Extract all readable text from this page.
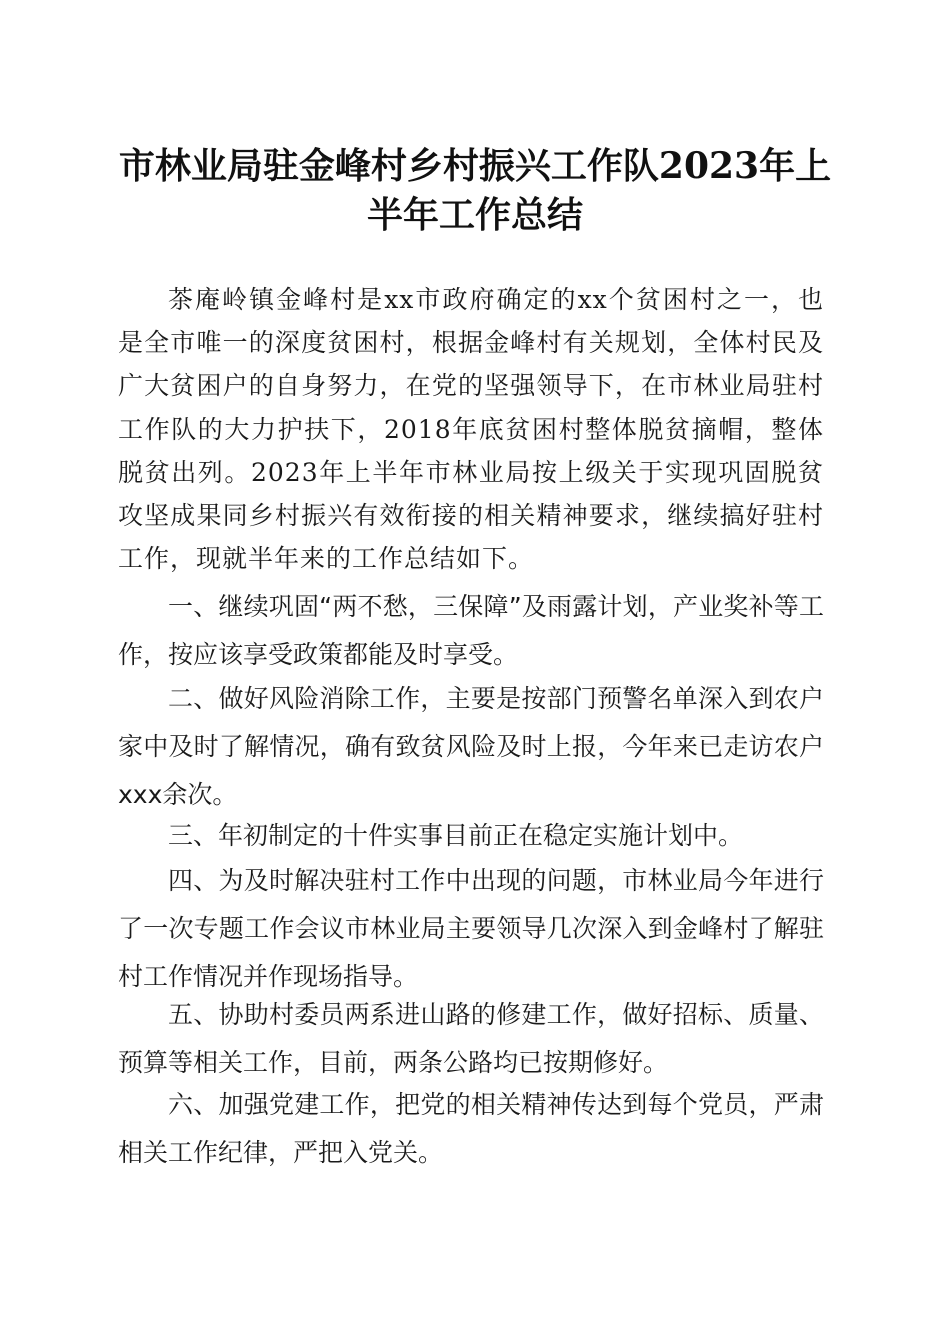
市林业局驻金峰村乡村振兴工作队2023年上
半年工作总结

茶庵岭镇金峰村是xx市政府确定的xx个贫困村之一，也是全市唯一的深度贫困村，根据金峰村有关规划，全体村民及广大贫困户的自身努力，在党的坚强领导下，在市林业局驻村工作队的大力护扶下，2018年底贫困村整体脱贫摘帽，整体脱贫出列。2023年上半年市林业局按上级关于实现巩固脱贫攻坚成果同乡村振兴有效衔接的相关精神要求，继续搞好驻村工作，现就半年来的工作总结如下。

一、继续巩固“两不愁，三保障”及雨露计划，产业奖补等工作，按应该享受政策都能及时享受。

二、做好风险消除工作，主要是按部门预警名单深入到农户家中及时了解情况，确有致贫风险及时上报，今年来已走访农户xxx余次。

三、年初制定的十件实事目前正在稳定实施计划中。

四、为及时解决驻村工作中出现的问题，市林业局今年进行了一次专题工作会议市林业局主要领导几次深入到金峰村了解驻村工作情况并作现场指导。

五、协助村委员两系进山路的修建工作，做好招标、质量、预算等相关工作，目前，两条公路均已按期修好。

六、加强党建工作，把党的相关精神传达到每个党员，严肃相关工作纪律，严把入党关。
